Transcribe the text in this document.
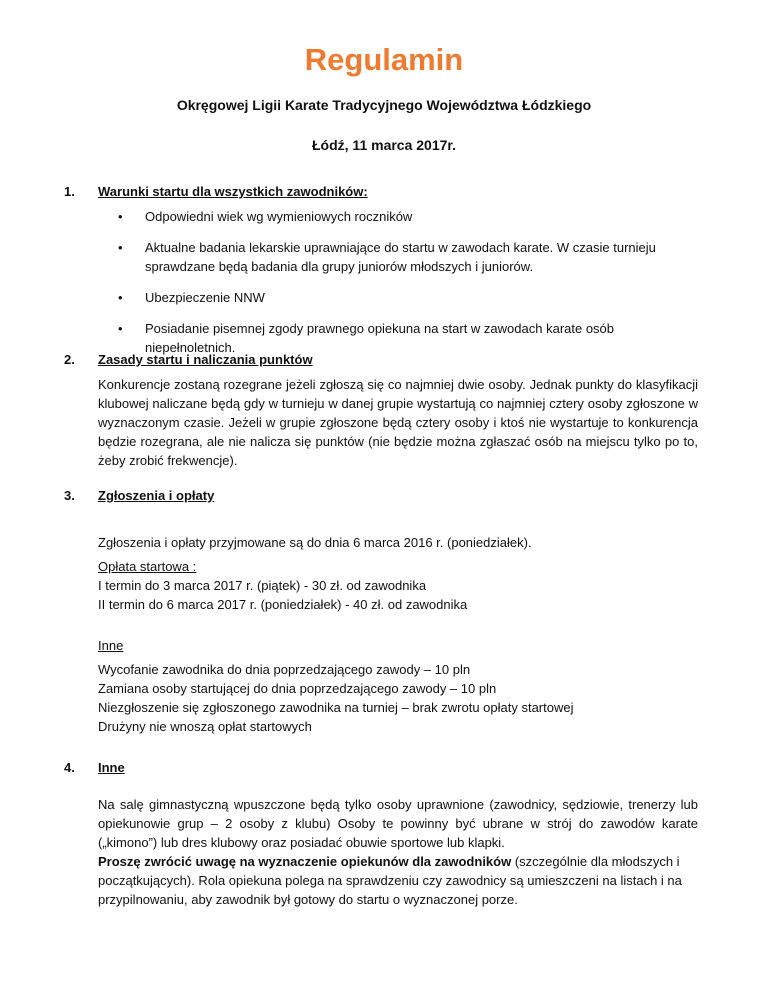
Regulamin

Okręgowej Ligii Karate Tradycyjnego Województwa Łódzkiego

Łódź, 11 marca 2017r.

1. Warunki startu dla wszystkich zawodników:

• Odpowiedni wiek wg wymieniowych roczników
• Aktualne badania lekarskie uprawniające do startu w zawodach karate. W czasie turnieju sprawdzane będą badania dla grupy juniorów młodszych i juniorów.
• Ubezpieczenie NNW
• Posiadanie pisemnej zgody prawnego opiekuna na start w zawodach karate osób niepełnoletnich.

2. Zasady startu i naliczania punktów

Konkurencje zostaną rozegrane jeżeli zgłoszą się co najmniej dwie osoby. Jednak punkty do klasyfikacji klubowej naliczane będą gdy w turnieju w danej grupie wystartują co najmniej cztery osoby zgłoszone w wyznaczonym czasie. Jeżeli w grupie zgłoszone będą cztery osoby i ktoś nie wystartuje to konkurencja będzie rozegrana, ale nie nalicza się punktów (nie będzie można zgłaszać osób na miejscu tylko po to, żeby zrobić frekwencje).

3. Zgłoszenia i opłaty

Zgłoszenia i opłaty przyjmowane są do dnia 6 marca 2016 r. (poniedziałek).

Opłata startowa :
I termin do 3 marca 2017 r. (piątek) - 30 zł. od zawodnika
II termin do 6 marca 2017 r. (poniedziałek) - 40 zł. od zawodnika
Inne
Wycofanie zawodnika do dnia poprzedzającego zawody – 10 pln
Zamiana osoby startującej do dnia poprzedzającego zawody – 10 pln
Niezgłoszenie się zgłoszonego zawodnika na turniej – brak zwrotu opłaty startowej
Drużyny nie wnoszą opłat startowych

4. Inne

Na salę gimnastyczną wpuszczone będą tylko osoby uprawnione (zawodnicy, sędziowie, trenerzy lub opiekunowie grup – 2 osoby z klubu) Osoby te powinny być ubrane w strój do zawodów karate („kimono”) lub dres klubowy oraz posiadać obuwie sportowe lub klapki.

Proszę zwrócić uwagę na wyznaczenie opiekunów dla zawodników (szczególnie dla młodszych i początkujących). Rola opiekuna polega na sprawdzeniu czy zawodnicy są umieszczeni na listach i na przypilnowaniu, aby zawodnik był gotowy do startu o wyznaczonej porze.
